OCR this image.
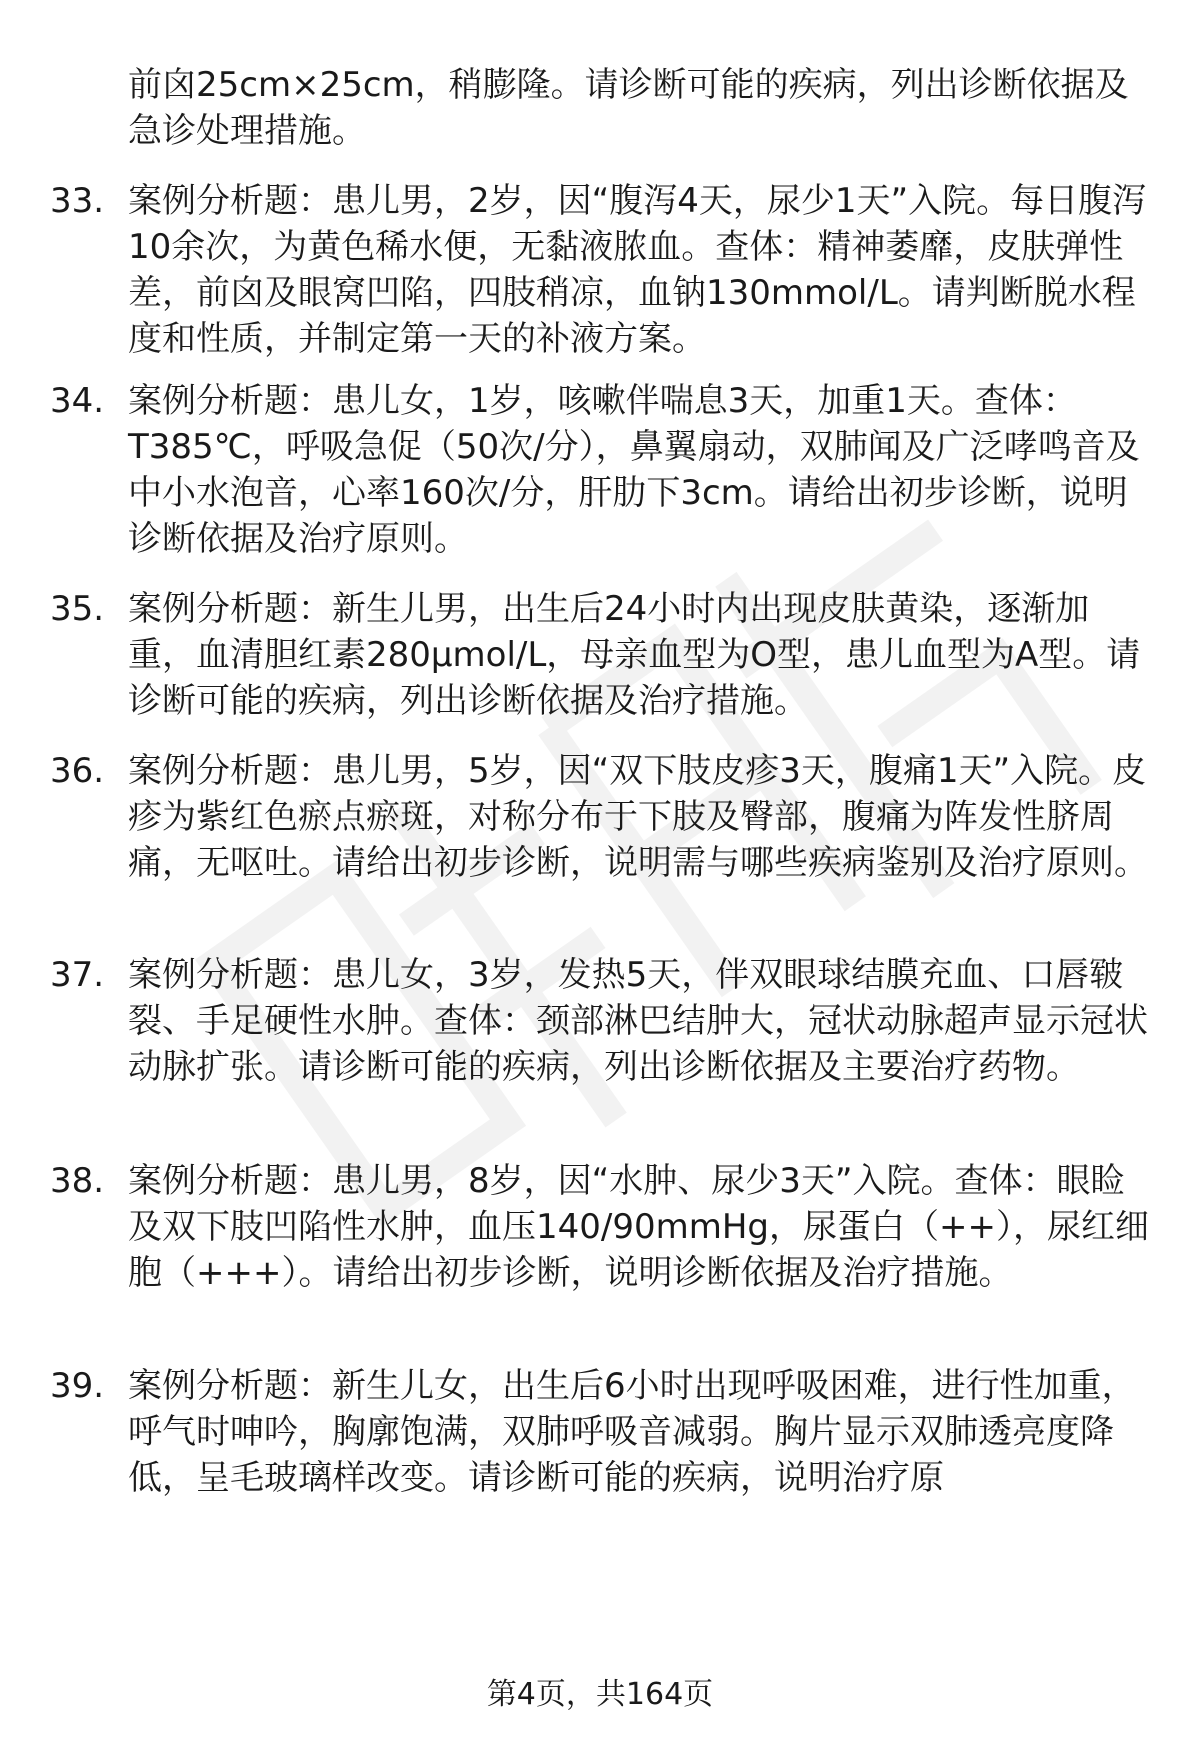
前囟25cm×25cm，稍膨隆。请诊断可能的疾病，列出诊断依据及急诊处理措施。
33. 案例分析题：患儿男，2岁，因“腹泻4天，尿少1天”入院。每日腹泻10余次，为黄色稀水便，无黏液脓血。查体：精神萎靡，皮肤弹性差，前囟及眼窝凹陷，四肢稍凉，血钠130mmol/L。请判断脱水程度和性质，并制定第一天的补液方案。
34. 案例分析题：患儿女，1岁，咳嗽伴喘息3天，加重1天。查体：T385℃，呼吸急促（50次/分），鼻翼扇动，双肺闻及广泛哮鸣音及中小水泡音，心率160次/分，肝肋下3cm。请给出初步诊断，说明诊断依据及治疗原则。
35. 案例分析题：新生儿男，出生后24小时内出现皮肤黄染，逐渐加重，血清胆红素280μmol/L，母亲血型为O型，患儿血型为A型。请诊断可能的疾病，列出诊断依据及治疗措施。
36. 案例分析题：患儿男，5岁，因“双下肢皮疹3天，腹痛1天”入院。皮疹为紫红色瘀点瘀斑，对称分布于下肢及臀部，腹痛为阵发性脐周痛，无呕吐。请给出初步诊断，说明需与哪些疾病鉴别及治疗原则。
37. 案例分析题：患儿女，3岁，发热5天，伴双眼球结膜充血、口唇皲裂、手足硬性水肿。查体：颈部淋巴结肿大，冠状动脉超声显示冠状动脉扩张。请诊断可能的疾病，列出诊断依据及主要治疗药物。
38. 案例分析题：患儿男，8岁，因“水肿、尿少3天”入院。查体：眼睑及双下肢凹陷性水肿，血压140/90mmHg，尿蛋白（++），尿红细胞（+++）。请给出初步诊断，说明诊断依据及治疗措施。
39. 案例分析题：新生儿女，出生后6小时出现呼吸困难，进行性加重，呼气时呻吟，胸廓饱满，双肺呼吸音减弱。胸片显示双肺透亮度降低，呈毛玻璃样改变。请诊断可能的疾病，说明治疗原
第4页，共164页
